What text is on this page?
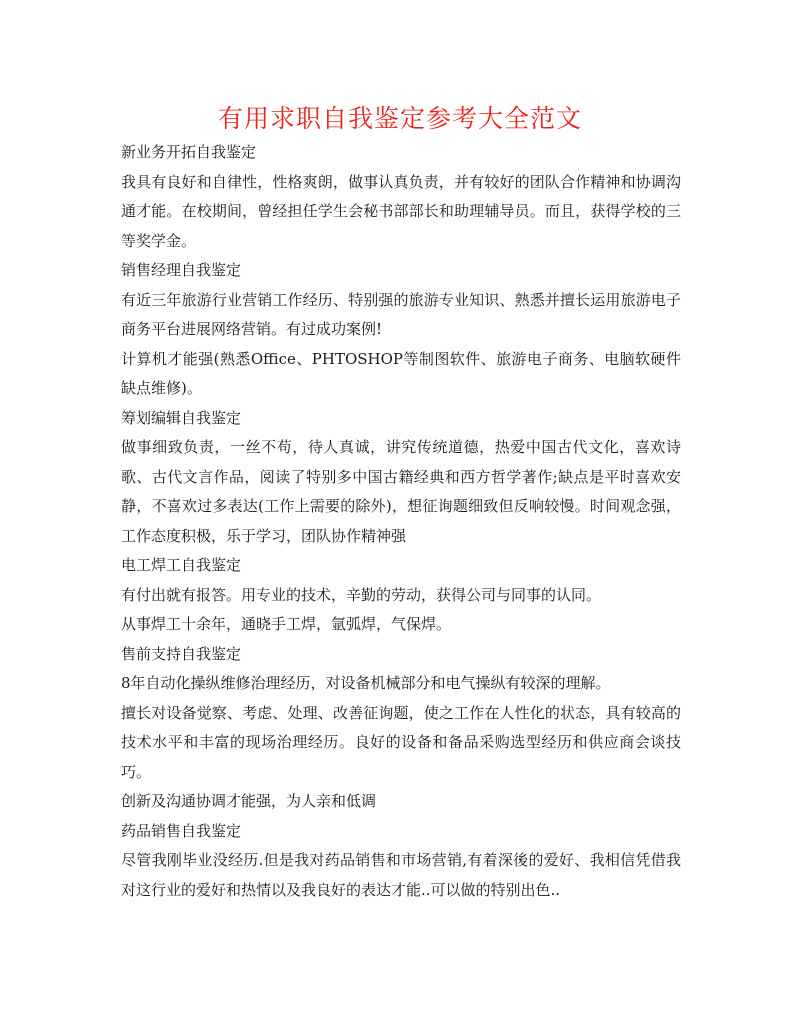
有用求职自我鉴定参考大全范文

新业务开拓自我鉴定

我具有良好和自律性，性格爽朗，做事认真负责，并有较好的团队合作精神和协调沟通才能。在校期间，曾经担任学生会秘书部部长和助理辅导员。而且，获得学校的三等奖学金。

销售经理自我鉴定

有近三年旅游行业营销工作经历、特别强的旅游专业知识、熟悉并擅长运用旅游电子商务平台进展网络营销。有过成功案例!

计算机才能强(熟悉Office、PHTOSHOP等制图软件、旅游电子商务、电脑软硬件缺点维修)。

筹划编辑自我鉴定

做事细致负责，一丝不苟，待人真诚，讲究传统道德，热爱中国古代文化，喜欢诗歌、古代文言作品，阅读了特别多中国古籍经典和西方哲学著作;缺点是平时喜欢安静，不喜欢过多表达(工作上需要的除外)，想征询题细致但反响较慢。时间观念强，工作态度积极，乐于学习，团队协作精神强

电工焊工自我鉴定

有付出就有报答。用专业的技术，辛勤的劳动，获得公司与同事的认同。

从事焊工十余年，通晓手工焊，氩弧焊，气保焊。

售前支持自我鉴定

8年自动化操纵维修治理经历，对设备机械部分和电气操纵有较深的理解。

擅长对设备觉察、考虑、处理、改善征询题，使之工作在人性化的状态，具有较高的技术水平和丰富的现场治理经历。良好的设备和备品采购选型经历和供应商会谈技巧。

创新及沟通协调才能强，为人亲和低调

药品销售自我鉴定

尽管我刚毕业没经历.但是我对药品销售和市场营销,有着深後的爱好、我相信凭借我对这行业的爱好和热情以及我良好的表达才能..可以做的特别出色..
